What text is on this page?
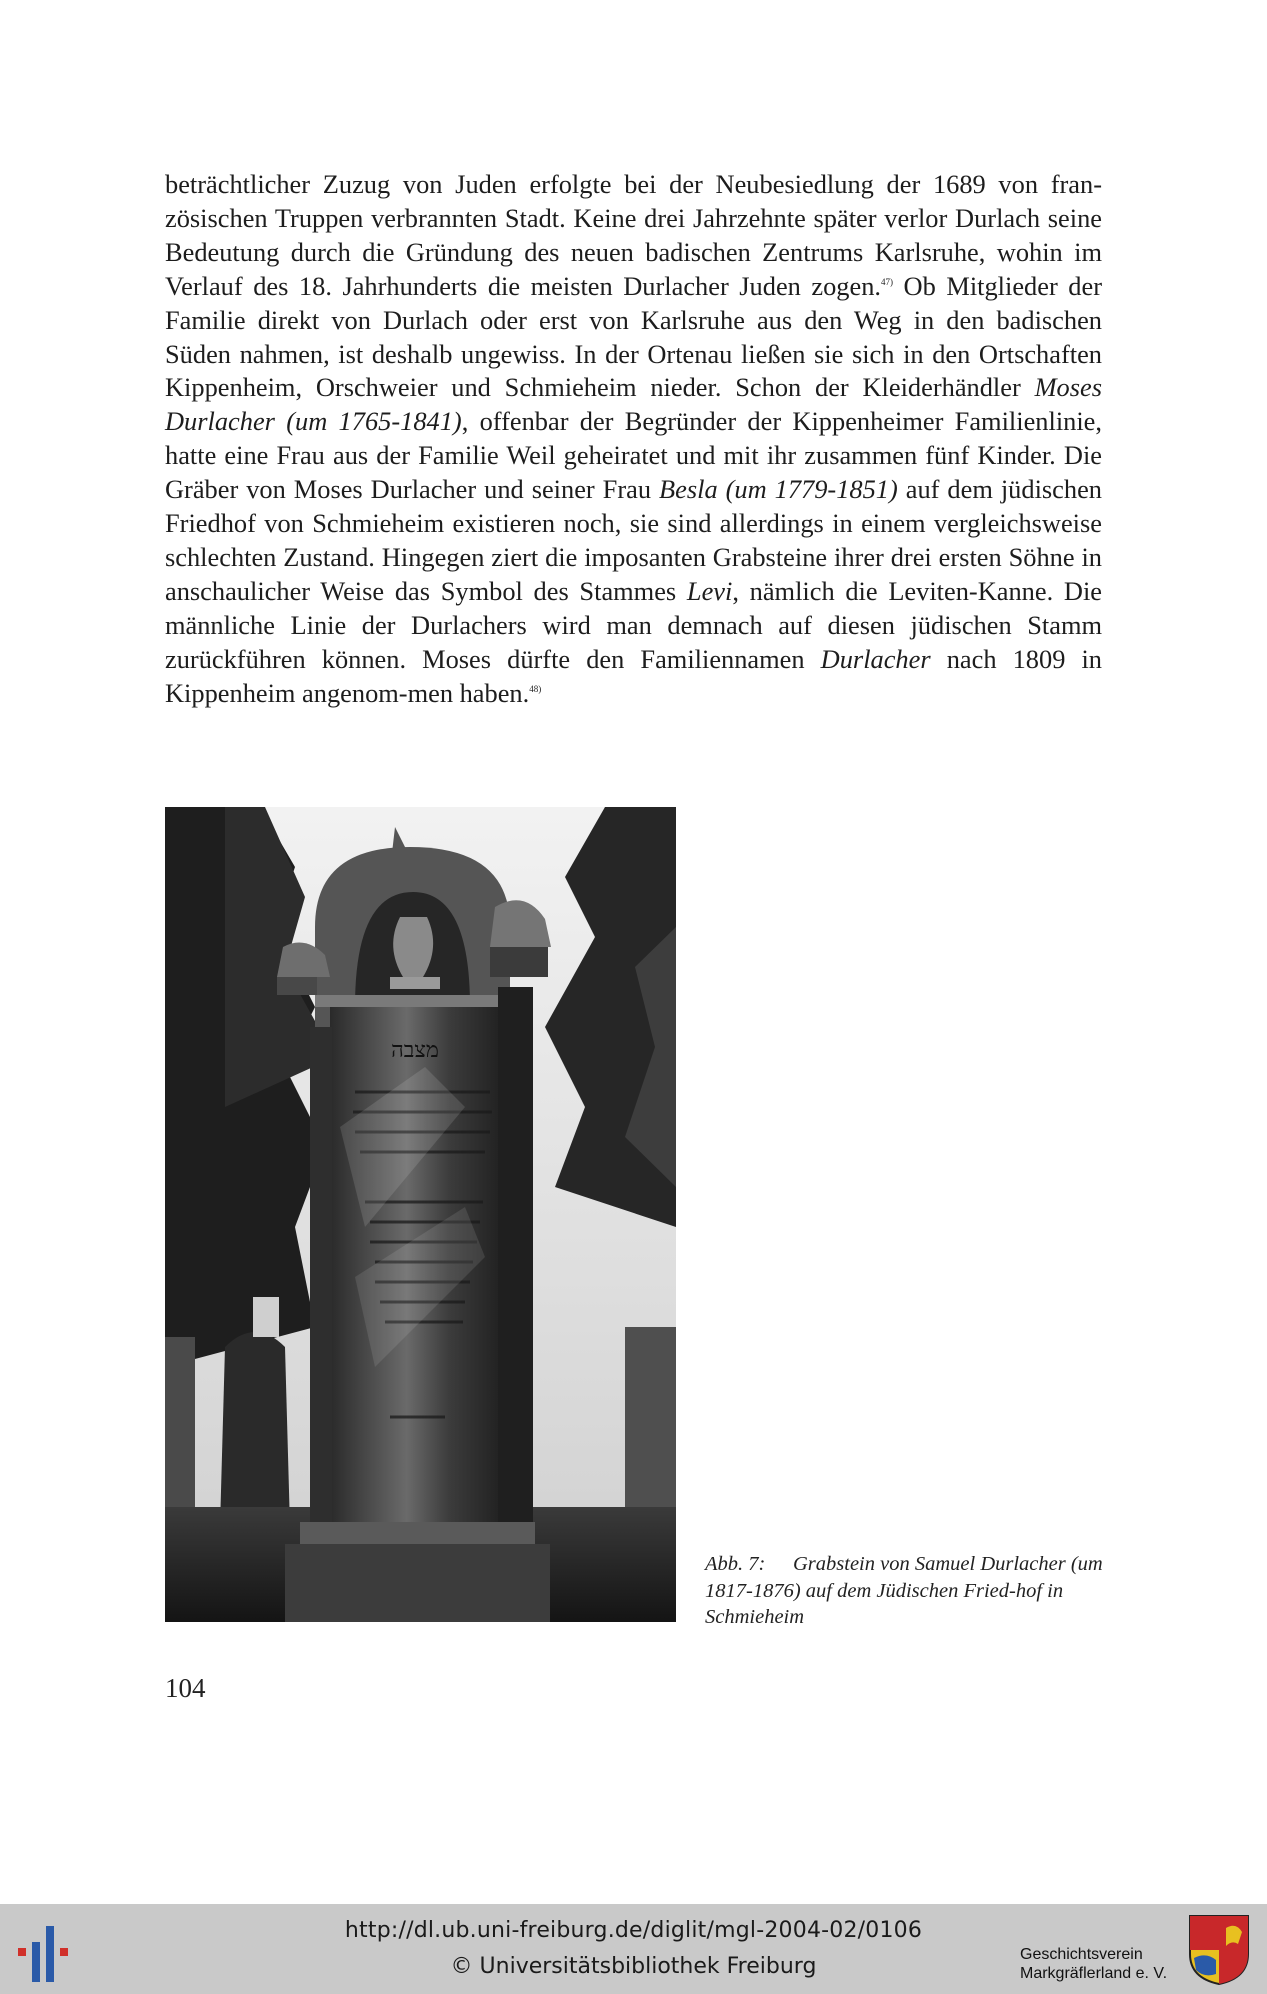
beträchtlicher Zuzug von Juden erfolgte bei der Neubesiedlung der 1689 von fran-zösischen Truppen verbrannten Stadt. Keine drei Jahrzehnte später verlor Durlach seine Bedeutung durch die Gründung des neuen badischen Zentrums Karlsruhe, wohin im Verlauf des 18. Jahrhunderts die meisten Durlacher Juden zogen.$^{47)}$ Ob Mitglieder der Familie direkt von Durlach oder erst von Karlsruhe aus den Weg in den badischen Süden nahmen, ist deshalb ungewiss. In der Ortenau ließen sie sich in den Ortschaften Kippenheim, Orschweier und Schmieheim nieder. Schon der Kleiderhändler Moses Durlacher (um 1765-1841), offenbar der Begründer der Kippenheimer Familienlinie, hatte eine Frau aus der Familie Weil geheiratet und mit ihr zusammen fünf Kinder. Die Gräber von Moses Durlacher und seiner Frau Besla (um 1779-1851) auf dem jüdischen Friedhof von Schmieheim existieren noch, sie sind allerdings in einem vergleichsweise schlechten Zustand. Hingegen ziert die imposanten Grabsteine ihrer drei ersten Söhne in anschaulicher Weise das Symbol des Stammes Levi, nämlich die Leviten-Kanne. Die männliche Linie der Durlachers wird man demnach auf diesen jüdischen Stamm zurückführen können. Moses dürfte den Familiennamen Durlacher nach 1809 in Kippenheim angenom-men haben.$^{48)}$

מצבה
Abb. 7: Grabstein von Samuel Durlacher (um 1817-1876) auf dem Jüdischen Fried-hof in Schmieheim
104
http://dl.ub.uni-freiburg.de/diglit/mgl-2004-02/0106
© Universitätsbibliothek Freiburg	Geschichtsverein
Markgräflerland e. V.
